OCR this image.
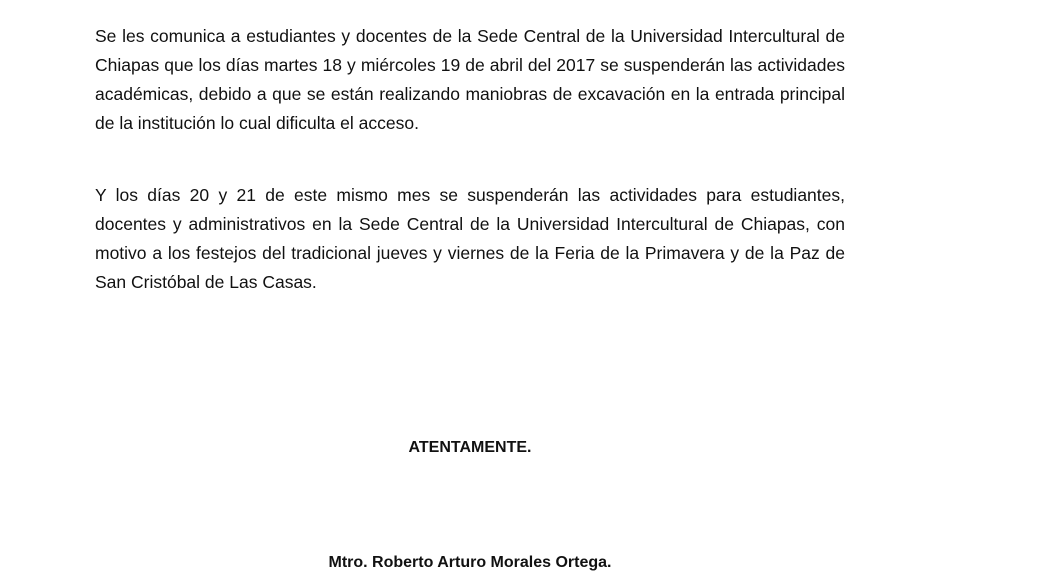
Se les comunica a estudiantes y docentes de la Sede Central de la Universidad Intercultural de Chiapas que los días martes 18 y miércoles 19 de abril del 2017 se suspenderán las actividades académicas, debido a que se están realizando maniobras de excavación en la entrada principal de la institución lo cual dificulta el acceso.

Y los días 20 y 21 de este mismo mes se suspenderán las actividades para estudiantes, docentes y administrativos en la Sede Central de la Universidad Intercultural de Chiapas, con motivo a los festejos del tradicional jueves y viernes de la Feria de la Primavera y de la Paz de San Cristóbal de Las Casas.

ATENTAMENTE.

Mtro. Roberto Arturo Morales Ortega.
